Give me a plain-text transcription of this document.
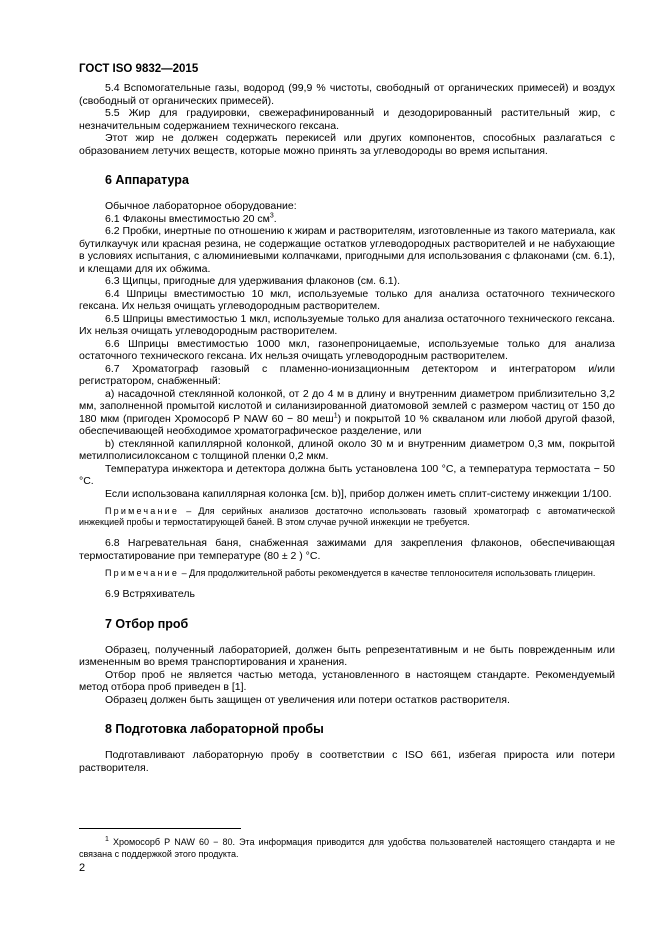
ГОСТ ISO 9832—2015

5.4 Вспомогательные газы, водород (99,9 % чистоты, свободный от органических примесей) и воздух (свободный от органических примесей).

5.5 Жир для градуировки, свежерафинированный и дезодорированный растительный жир, с незначительным содержанием технического гексана.

Этот жир не должен содержать перекисей или других компонентов, способных разлагаться с образованием летучих веществ, которые можно принять за углеводороды во время испытания.

6 Аппаратура

Обычное лабораторное оборудование:

6.1 Флаконы вместимостью 20 $см^3$.

6.2 Пробки, инертные по отношению к жирам и растворителям, изготовленные из такого материала, как бутилкаучук или красная резина, не содержащие остатков углеводородных растворителей и не набухающие в условиях испытания, с алюминиевыми колпачками, пригодными для использования с флаконами (см. 6.1), и клещами для их обжима.

6.3 Щипцы, пригодные для удерживания флаконов (см. 6.1).

6.4 Шприцы вместимостью 10 мкл, используемые только для анализа остаточного технического гексана. Их нельзя очищать углеводородным растворителем.

6.5 Шприцы вместимостью 1 мкл, используемые только для анализа остаточного технического гексана. Их нельзя очищать углеводородным растворителем.

6.6 Шприцы вместимостью 1000 мкл, газонепроницаемые, используемые только для анализа остаточного технического гексана. Их нельзя очищать углеводородным растворителем.

6.7 Хроматограф газовый с пламенно-ионизационным детектором и интегратором и/или регистратором, снабженный:

a) насадочной стеклянной колонкой, от 2 до 4 м в длину и внутренним диаметром приблизительно 3,2 мм, заполненной промытой кислотой и силанизированной диатомовой землей с размером частиц от 150 до 180 мкм (пригоден Хромосорб Р NAW 60 − 80 меш$^1$) и покрытой 10 % скваланом или любой другой фазой, обеспечивающей необходимое хроматографическое разделение, или

b) стеклянной капиллярной колонкой, длиной около 30 м и внутренним диаметром 0,3 мм, покрытой метилполисилоксаном с толщиной пленки 0,2 мкм.

Температура инжектора и детектора должна быть установлена 100 °С, а температура термостата − 50 °С.

Если использована капиллярная колонка [см. b)], прибор должен иметь сплит-систему инжекции 1/100.

Примечание – Для серийных анализов достаточно использовать газовый хроматограф с автоматической инжекцией пробы и термостатирующей баней. В этом случае ручной инжекции не требуется.

6.8 Нагревательная баня, снабженная зажимами для закрепления флаконов, обеспечивающая термостатирование при температуре (80 ± 2 ) °С.

Примечание – Для продолжительной работы рекомендуется в качестве теплоносителя использовать глицерин.

6.9 Встряхиватель

7 Отбор проб

Образец, полученный лабораторией, должен быть репрезентативным и не быть поврежденным или измененным во время транспортирования и хранения.

Отбор проб не является частью метода, установленного в настоящем стандарте. Рекомендуемый метод отбора проб приведен в [1].

Образец должен быть защищен от увеличения или потери остатков растворителя.

8 Подготовка лабораторной пробы

Подготавливают лабораторную пробу в соответствии с ISO 661, избегая прироста или потери растворителя.

$^1$ Хромосорб Р NAW 60 − 80. Эта информация приводится для удобства пользователей настоящего стандарта и не связана с поддержкой этого продукта.
2
